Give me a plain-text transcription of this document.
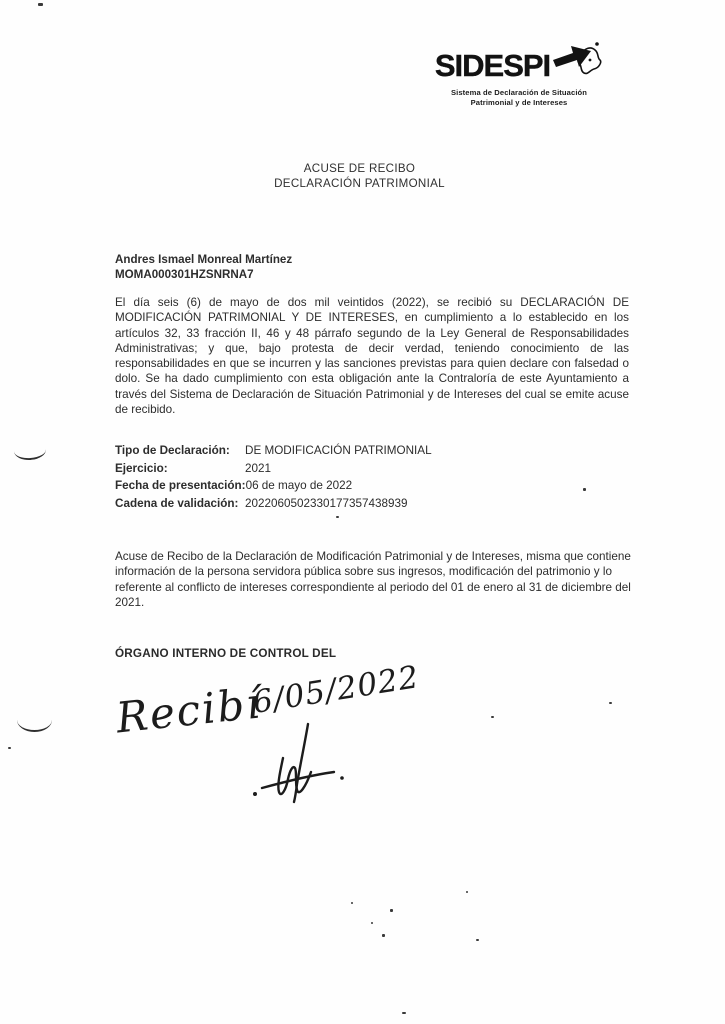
SIDESPI
Sistema de Declaración de Situación
Patrimonial y de Intereses
ACUSE DE RECIBO
DECLARACIÓN PATRIMONIAL
Andres Ismael Monreal Martínez
MOMA000301HZSNRNA7
El día seis (6) de mayo de dos mil veintidos (2022), se recibió su DECLARACIÓN DE MODIFICACIÓN PATRIMONIAL Y DE INTERESES, en cumplimiento a lo establecido en los artículos 32, 33 fracción II, 46 y 48 párrafo segundo de la Ley General de Responsabilidades Administrativas; y que, bajo protesta de decir verdad, teniendo conocimiento de las responsabilidades en que se incurren y las sanciones previstas para quien declare con falsedad o dolo. Se ha dado cumplimiento con esta obligación ante la Contraloría de este Ayuntamiento a través del Sistema de Declaración de Situación Patrimonial y de Intereses del cual se emite acuse de recibido.
Tipo de Declaración:	DE MODIFICACIÓN PATRIMONIAL
Ejercicio:	2021
Fecha de presentación: 06 de mayo de 2022
Cadena de validación: 2022060502330177357438939
Acuse de Recibo de la Declaración de Modificación Patrimonial y de Intereses, misma que contiene información de la persona servidora pública sobre sus ingresos, modificación del patrimonio y lo referente al conflicto de intereses correspondiente al periodo del 01 de enero al 31 de diciembre del 2021.
ÓRGANO INTERNO DE CONTROL DEL
Recibí
6/05/2022
